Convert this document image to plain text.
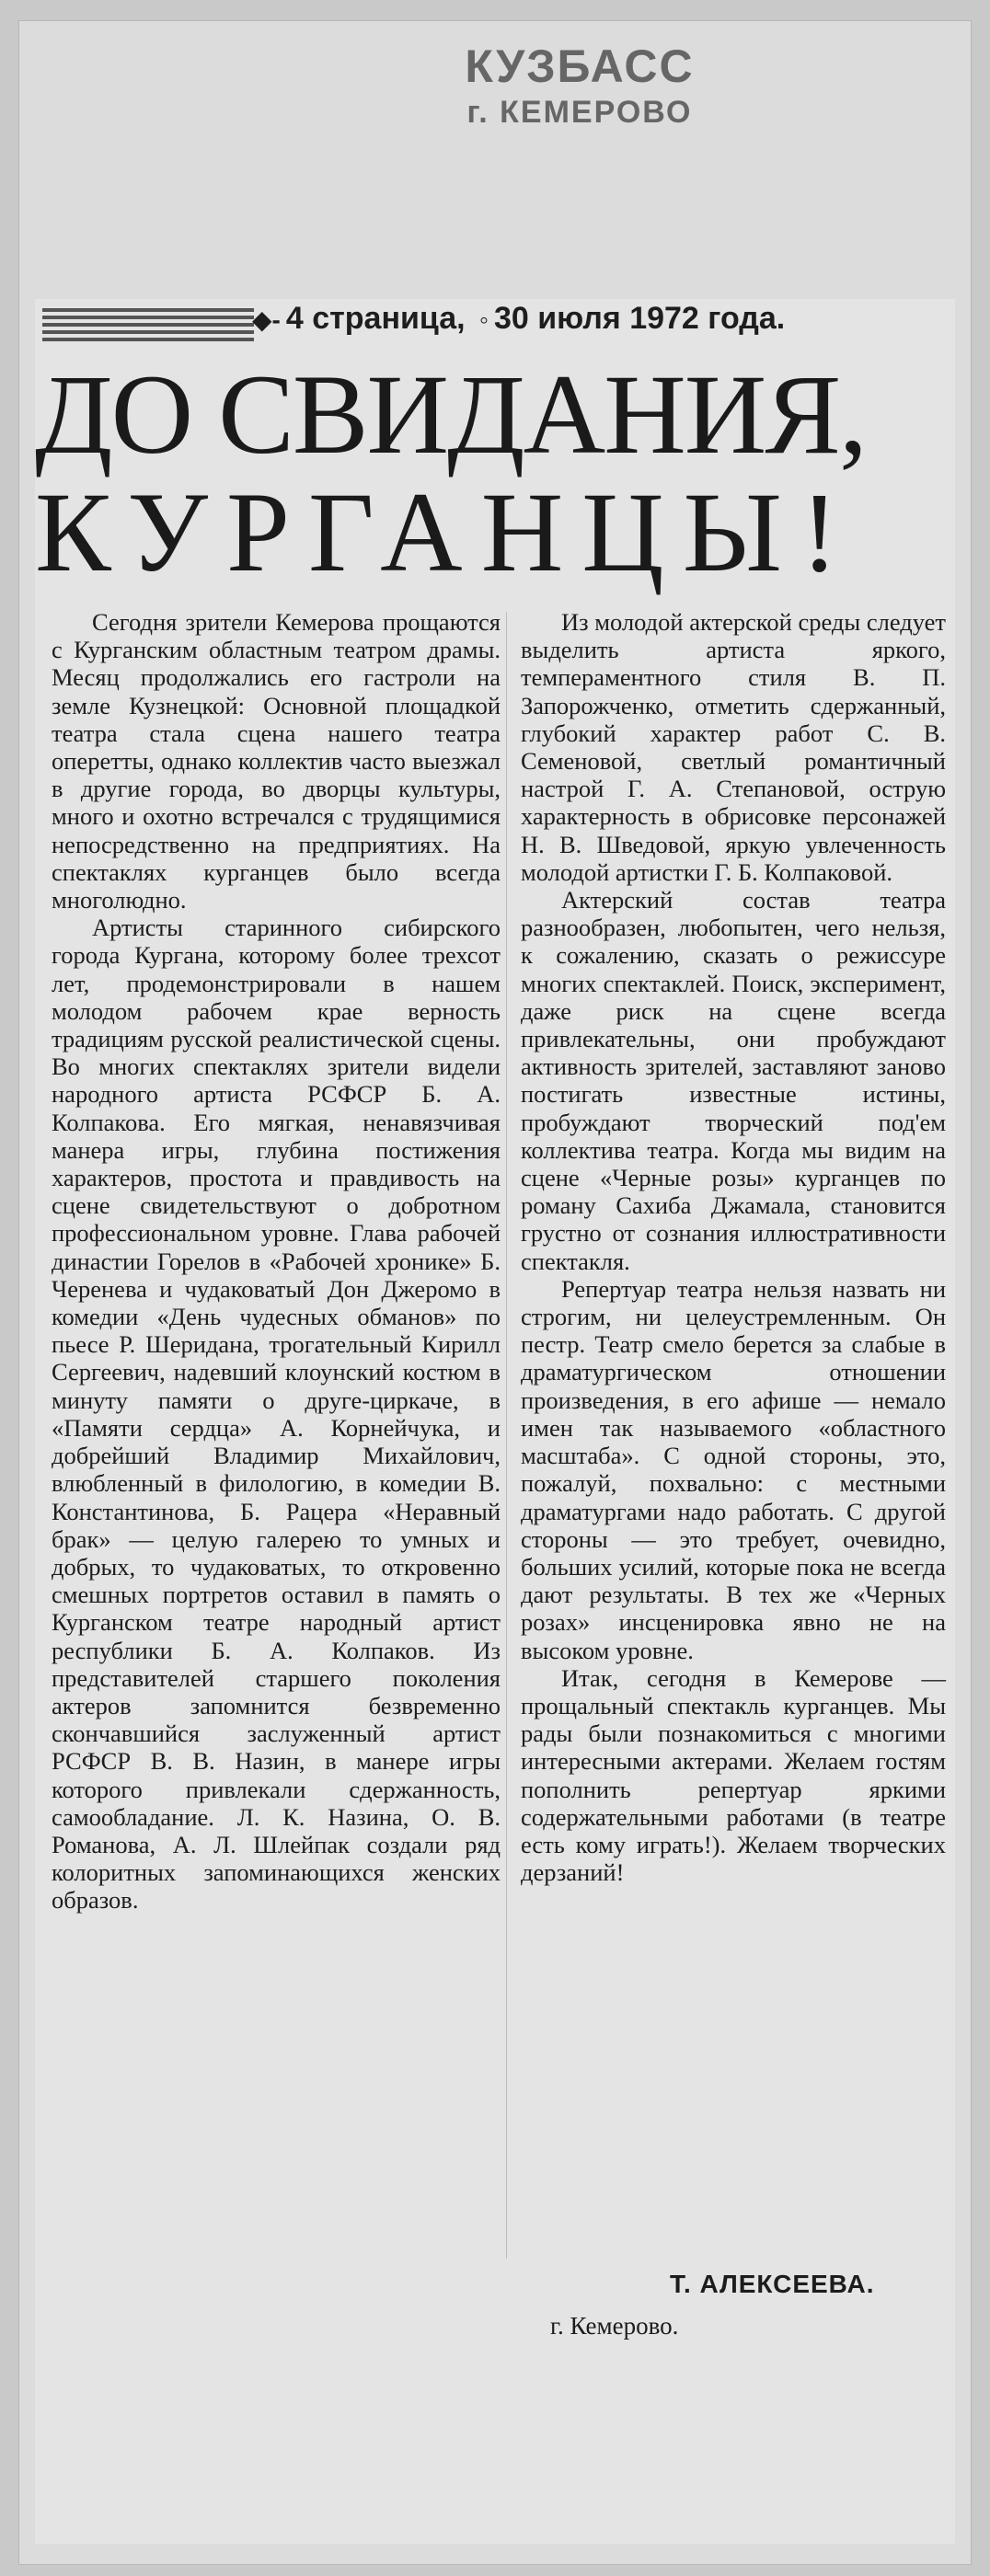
КУЗБАСС
г. КЕМЕРОВО
◆‑ 4 страница, ◦ 30 июля 1972 года.
ДО СВИДАНИЯ,
КУРГАНЦЫ!

Сегодня зрители Кемерова прощаются с Курганским областным театром драмы. Месяц продолжались его гастроли на земле Кузнецкой: Основной площадкой театра стала сцена нашего театра оперетты, однако коллектив часто выезжал в другие города, во дворцы культуры, много и охотно встречался с трудящимися непосредственно на предприятиях. На спектаклях курганцев было всегда многолюдно.

Артисты старинного сибирского города Кургана, которому более трехсот лет, продемонстрировали в нашем молодом рабочем крае верность традициям русской реалистической сцены. Во многих спектаклях зрители видели народного артиста РСФСР Б. А. Колпакова. Его мягкая, ненавязчивая манера игры, глубина постижения характеров, простота и правдивость на сцене свидетельствуют о добротном профессиональном уровне. Глава рабочей династии Горелов в «Рабочей хронике» Б. Черенева и чудаковатый Дон Джеромо в комедии «День чудесных обманов» по пьесе Р. Шеридана, трогательный Кирилл Сергеевич, надевший клоунский костюм в минуту памяти о друге-циркаче, в «Памяти сердца» А. Корнейчука, и добрейший Владимир Михайлович, влюбленный в филологию, в комедии В. Константинова, Б. Рацера «Неравный брак» — целую галерею то умных и добрых, то чудаковатых, то откровенно смешных портретов оставил в память о Курганском театре народный артист республики Б. А. Колпаков. Из представителей старшего поколения актеров запомнится безвременно скончавшийся заслуженный артист РСФСР В. В. Назин, в манере игры которого привлекали сдержанность, самообладание. Л. К. Назина, О. В. Романова, А. Л. Шлейпак создали ряд колоритных запоминающихся женских образов.

Из молодой актерской среды следует выделить артиста яркого, темпераментного стиля В. П. Запорожченко, отметить сдержанный, глубокий характер работ С. В. Семеновой, светлый романтичный настрой Г. А. Степановой, острую характерность в обрисовке персонажей Н. В. Шведовой, яркую увлеченность молодой артистки Г. Б. Колпаковой.

Актерский состав театра разнообразен, любопытен, чего нельзя, к сожалению, сказать о режиссуре многих спектаклей. Поиск, эксперимент, даже риск на сцене всегда привлекательны, они пробуждают активность зрителей, заставляют заново постигать известные истины, пробуждают творческий под'ем коллектива театра. Когда мы видим на сцене «Черные розы» курганцев по роману Сахиба Джамала, становится грустно от сознания иллюстративности спектакля.

Репертуар театра нельзя назвать ни строгим, ни целеустремленным. Он пестр. Театр смело берется за слабые в драматургическом отношении произведения, в его афише — немало имен так называемого «областного масштаба». С одной стороны, это, пожалуй, похвально: с местными драматургами надо работать. С другой стороны — это требует, очевидно, больших усилий, которые пока не всегда дают результаты. В тех же «Черных розах» инсценировка явно не на высоком уровне.

Итак, сегодня в Кемерове — прощальный спектакль курганцев. Мы рады были познакомиться с многими интересными актерами. Желаем гостям пополнить репертуар яркими содержательными работами (в театре есть кому играть!). Желаем творческих дерзаний!

Т. АЛЕКСЕЕВА.
г. Кемерово.
